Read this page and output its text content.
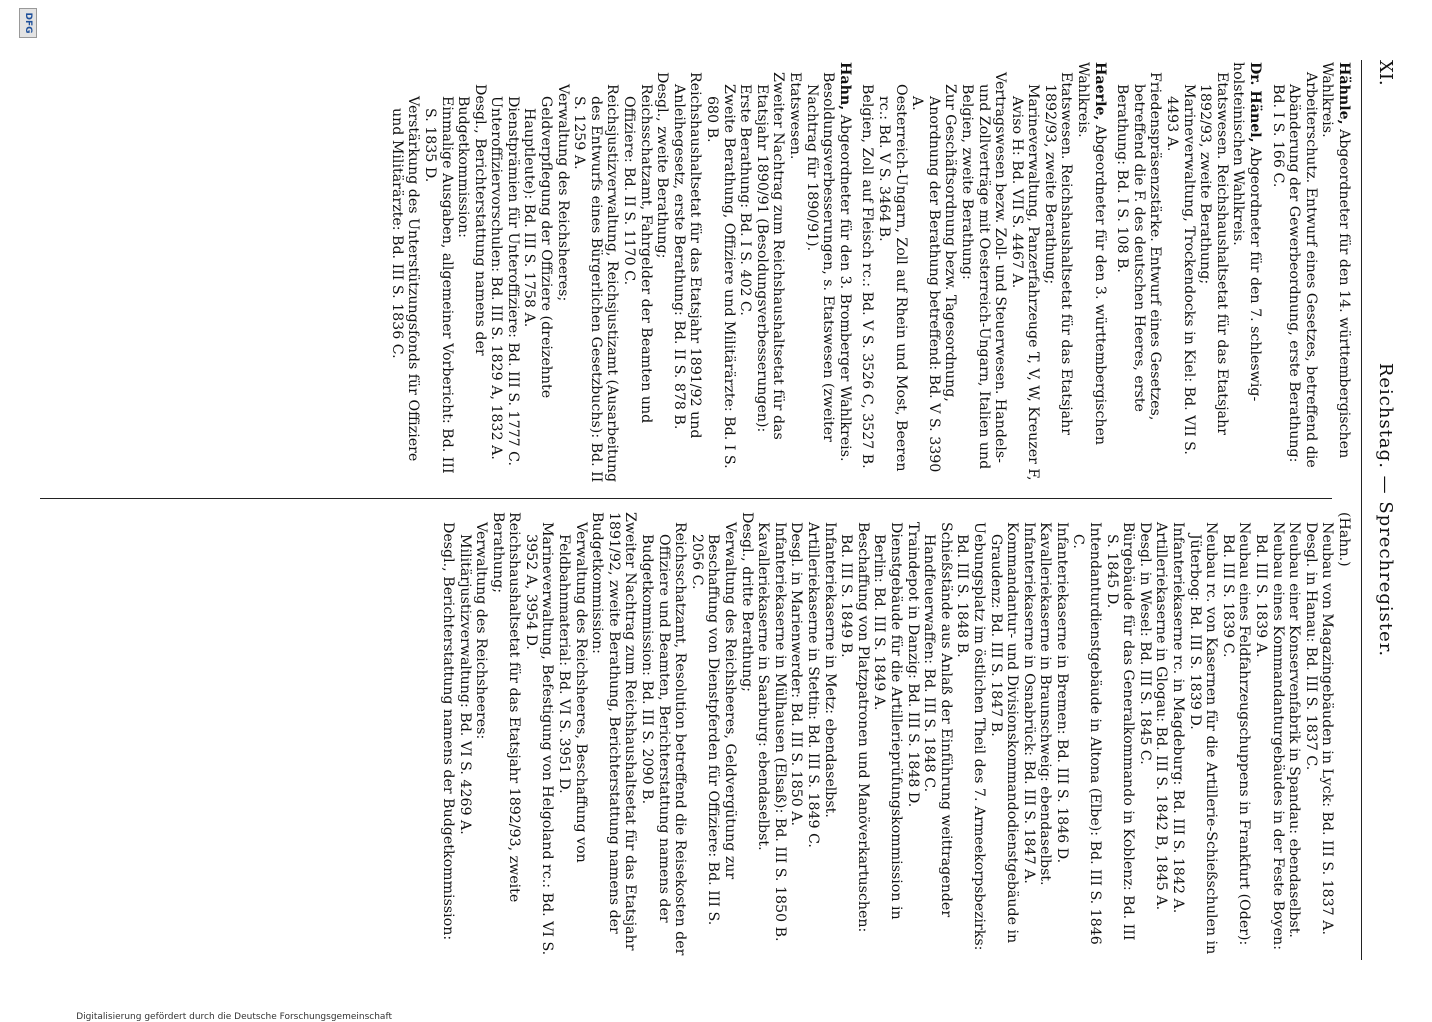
XI.
Reichstag. — Sprechregister.

Hähnle, Abgeordneter für den 14. württembergischen Wahlkreis.

Arbeiterschutz. Entwurf eines Gesetzes, betreffend die Abänderung der Gewerbeordnung, erste Berathung: Bd. I S. 166 C.

Dr. Hänel, Abgeordneter für den 7. schleswig-holsteinischen Wahlkreis.

Etatswesen. Reichshaushaltsetat für das Etatsjahr 1892/93, zweite Berathung;

Marineverwaltung, Trockendocks in Kiel: Bd. VII S. 4493 A.

Friedenspräsenzstärke. Entwurf eines Gesetzes, betreffend die F. des deutschen Heeres, erste Berathung: Bd. I S. 108 B.

Haerle, Abgeordneter für den 3. württembergischen Wahlkreis.

Etatswesen. Reichshaushaltsetat für das Etatsjahr 1892/93, zweite Berathung;

Marineverwaltung, Panzerfahrzeuge T, V, W, Kreuzer F, Aviso H: Bd. VII S. 4467 A.

Vertragswesen bezw. Zoll- und Steuerwesen. Handels- und Zollverträge mit Oesterreich-Ungarn, Italien und Belgien, zweite Berathung:

Zur Geschäftsordnung bezw. Tagesordnung, Anordnung der Berathung betreffend: Bd. V S. 3390 A.

Oesterreich-Ungarn, Zoll auf Rhein und Most, Beeren rc.: Bd. V S. 3464 B.

Belgien, Zoll auf Fleisch rc.: Bd. V S. 3526 C, 3527 B.

Hahn, Abgeordneter für den 3. Bromberger Wahlkreis.

Besoldungsverbesserungen, s. Etatswesen (zweiter Nachtrag für 1890/91).

Etatswesen.

Zweiter Nachtrag zum Reichshaushaltsetat für das Etatsjahr 1890/91 (Besoldungsverbesserungen):

Erste Berathung: Bd. I S. 402 C.

Zweite Berathung, Offiziere und Militärärzte: Bd. I S. 680 B.

Reichshaushaltsetat für das Etatsjahr 1891/92 und Anleihegesetz, erste Berathung: Bd. II S. 878 B.

Desgl., zweite Berathung;

Reichsschatzamt, Fahrgelder der Beamten und Offiziere: Bd. II S. 1170 C.

Reichsjustizverwaltung, Reichsjustizamt (Ausarbeitung des Entwurfs eines Bürgerlichen Gesetzbuchs): Bd. II S. 1259 A.

Verwaltung des Reichsheeres;

Geldverpflegung der Offiziere (dreizehnte Hauptleute): Bd. III S. 1758 A.

Dienstprämien für Unteroffiziere: Bd. III S. 1777 C.

Unteroffiziervorschulen: Bd. III S. 1829 A, 1832 A.

Desgl., Berichterstattung namens der Budgetkommission:

Einmalige Ausgaben, allgemeiner Vorbericht: Bd. III S. 1835 D.

Verstärkung des Unterstützungsfonds für Offiziere und Militärärzte: Bd. III S. 1836 C.

(Hahn.)

Neubau von Magazingebäuden in Lyck: Bd. III S. 1837 A.

Desgl. in Hanau: Bd. III S. 1837 C.

Neubau einer Konservenfabrik in Spandau: ebendaselbst.

Neubau eines Kommandanturgebäudes in der Feste Boyen: Bd. III S. 1839 A.

Neubau eines Feldfahrzeugschuppens in Frankfurt (Oder): Bd. III S. 1839 C.

Neubau rc. von Kasernen für die Artillerie-Schießschulen in Jüterbog: Bd. III S. 1839 D.

Infanteriekaserne rc. in Magdeburg: Bd. III S. 1842 A.

Artilleriekaserne in Glogau: Bd. III S. 1842 B, 1845 A.

Desgl. in Wesel: Bd. III S. 1845 C.

Bürgebäude für das Generalkommando in Koblenz: Bd. III S. 1845 D.

Intendanturdienstgebäude in Altona (Elbe): Bd. III S. 1846 C.

Infanteriekaserne in Bremen: Bd. III S. 1846 D.

Kavalleriekaserne in Braunschweig: ebendaselbst.

Infanteriekaserne in Osnabrück: Bd. III S. 1847 A.

Kommandantur- und Divisionskommandodienstgebäude in Graudenz: Bd. III S. 1847 B.

Uebungsplatz im östlichen Theil des 7. Armeekorpsbezirks: Bd. III S. 1848 B.

Schießstände aus Anlaß der Einführung weittragender Handfeuerwaffen: Bd. III S. 1848 C.

Traindepot in Danzig: Bd. III S. 1848 D.

Dienstgebäude für die Artillerieprüfungskommission in Berlin: Bd. III S. 1849 A.

Beschaffung von Platzpatronen und Manöverkartuschen: Bd. III S. 1849 B.

Infanteriekaserne in Metz: ebendaselbst.

Artilleriekaserne in Stettin: Bd. III S. 1849 C.

Desgl. in Marienwerder: Bd. III S. 1850 A.

Infanteriekaserne in Mülhausen (Elsaß): Bd. III S. 1850 B.

Kavalleriekaserne in Saarburg: ebendaselbst.

Desgl., dritte Berathung;

Verwaltung des Reichsheeres, Geldvergütung zur Beschaffung von Dienstpferden für Offiziere: Bd. III S. 2056 C.

Reichsschatzamt, Resolution betreffend die Reisekosten der Offiziere und Beamten, Berichterstattung namens der Budgetkommission: Bd. III S. 2090 B.

Zweiter Nachtrag zum Reichshaushaltsetat für das Etatsjahr 1891/92, zweite Berathung, Berichterstattung namens der Budgetkommission:

Verwaltung des Reichsheeres, Beschaffung von Feldbahnmaterial: Bd. VI S. 3951 D.

Marineverwaltung, Befestigung von Helgoland rc.: Bd. VI S. 3952 A, 3954 D.

Reichshaushaltsetat für das Etatsjahr 1892/93, zweite Berathung;

Verwaltung des Reichsheeres:

Militärjustizverwaltung: Bd. VI S. 4269 A.

Desgl., Berichterstattung namens der Budgetkommission:

Digitalisierung gefördert durch die Deutsche Forschungsgemeinschaft
DFG
